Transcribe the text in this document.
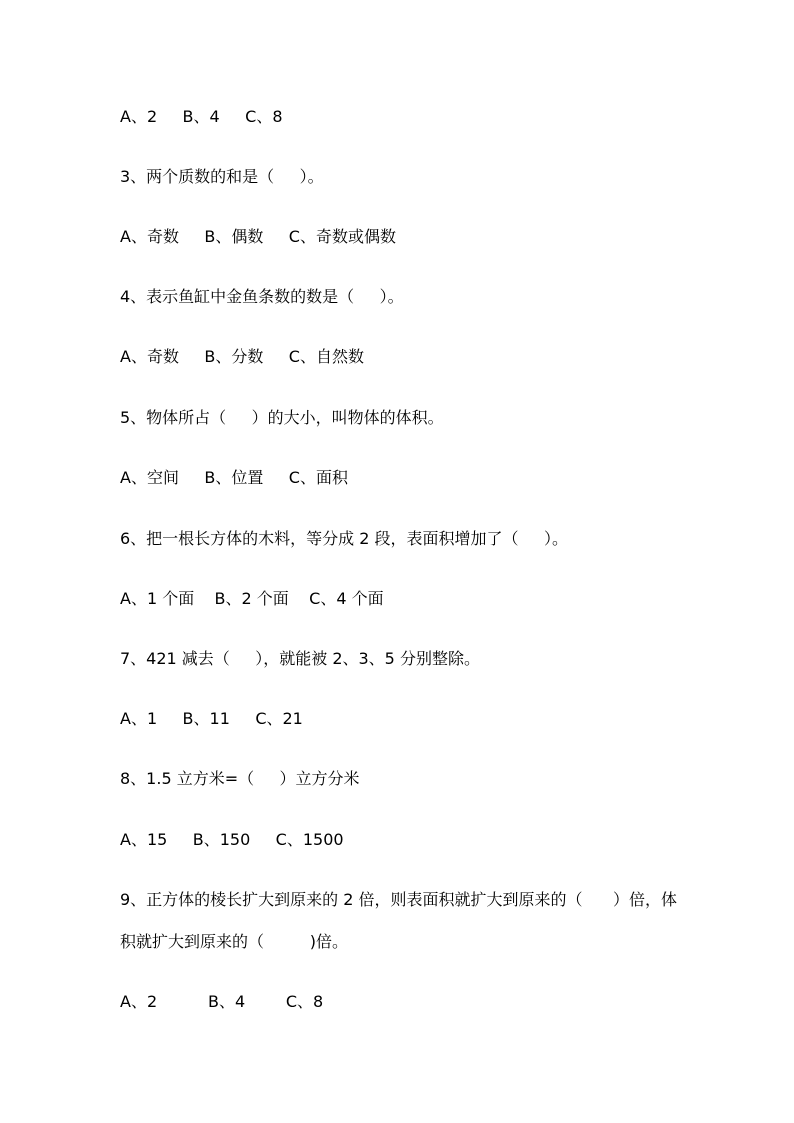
A、2     B、4     C、8
3、两个质数的和是（     ）。
A、奇数     B、偶数     C、奇数或偶数
4、表示鱼缸中金鱼条数的数是（     ）。
A、奇数     B、分数     C、自然数
5、物体所占（     ）的大小，叫物体的体积。
A、空间     B、位置     C、面积
6、把一根长方体的木料，等分成 2 段，表面积增加了（     ）。
A、1 个面    B、2 个面    C、4 个面
7、421 减去（     ），就能被 2、3、5 分别整除。
A、1     B、11     C、21
8、1.5 立方米=（     ）立方分米
A、15     B、150     C、1500
9、正方体的棱长扩大到原来的 2 倍，则表面积就扩大到原来的（      ）倍，体
积就扩大到原来的（         )倍。
A、2          B、4        C、8
